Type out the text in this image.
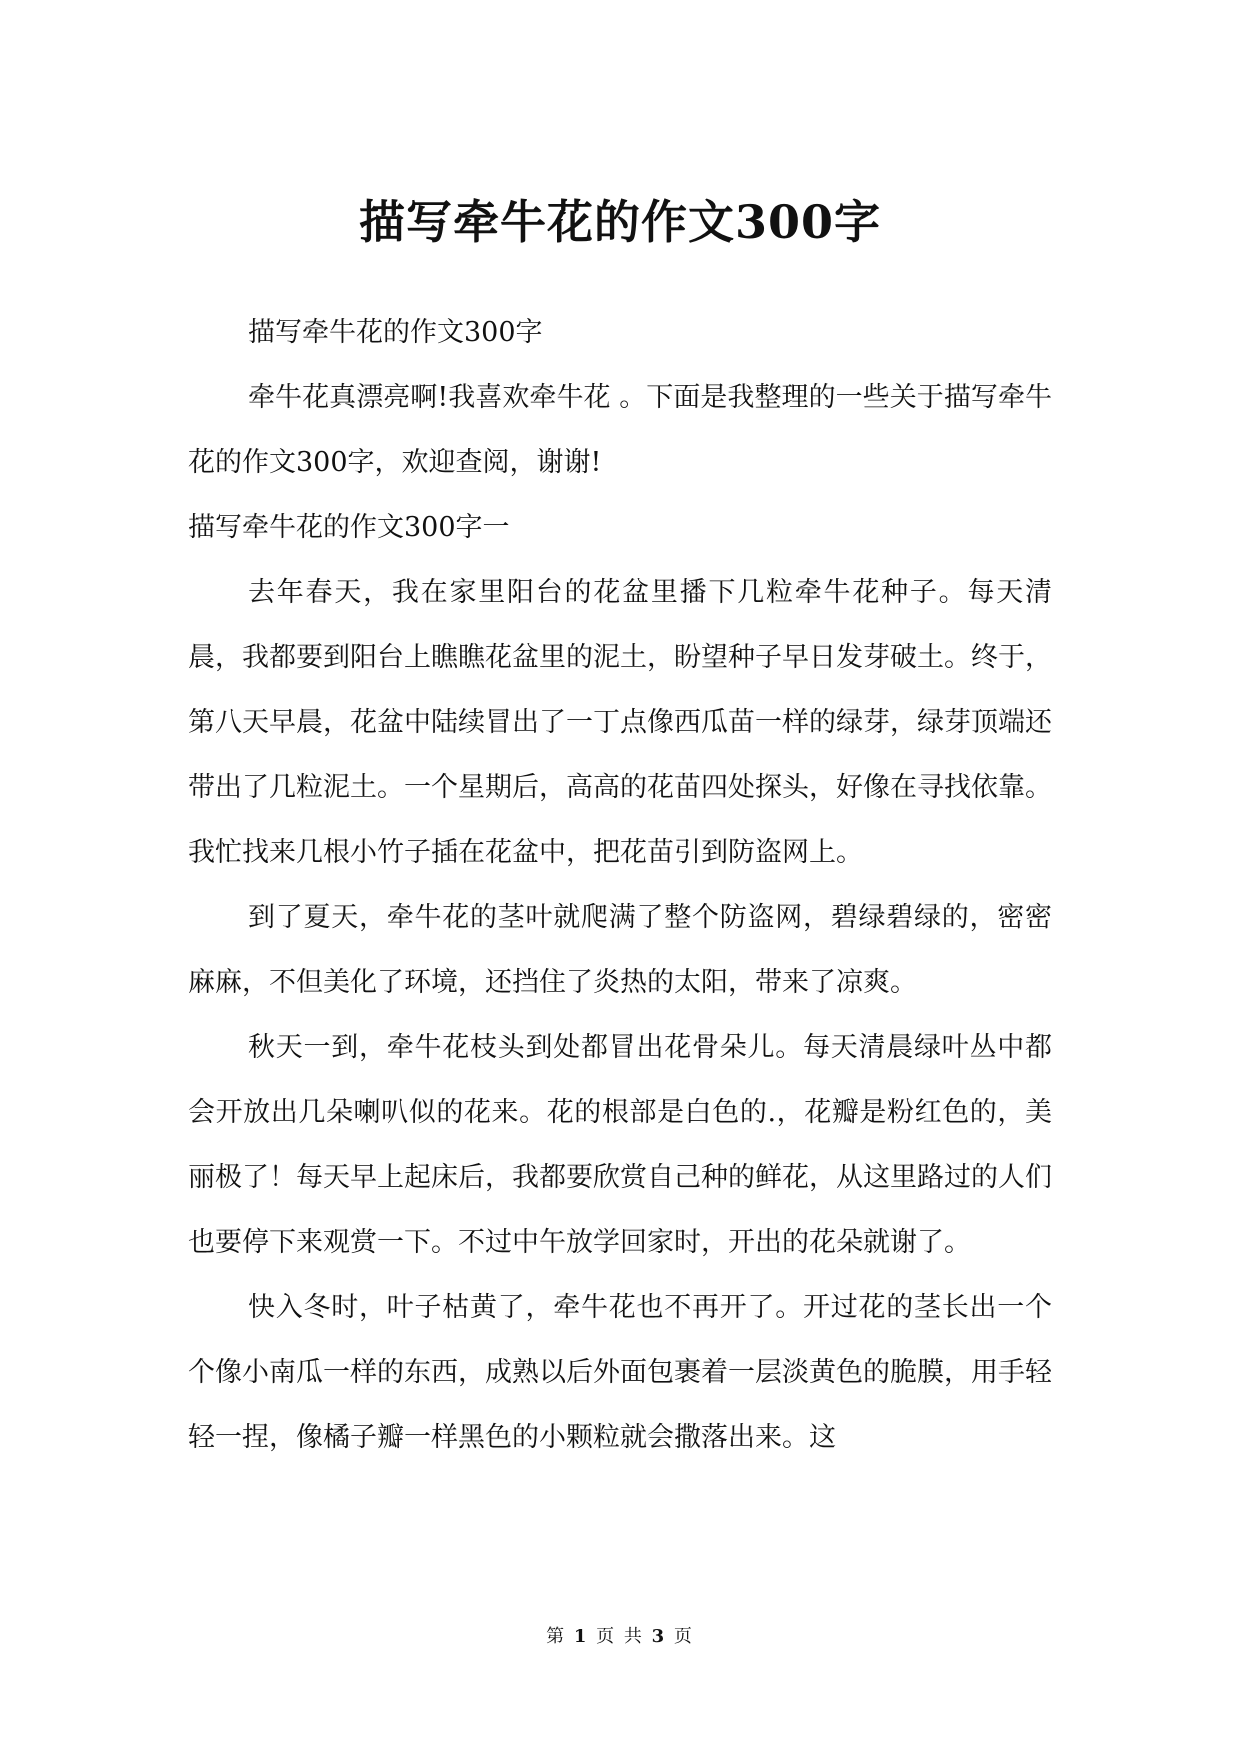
描写牵牛花的作文300字

描写牵牛花的作文300字

牵牛花真漂亮啊!我喜欢牵牛花 。下面是我整理的一些关于描写牵牛花的作文300字，欢迎查阅，谢谢!

描写牵牛花的作文300字一

去年春天，我在家里阳台的花盆里播下几粒牵牛花种子。每天清晨，我都要到阳台上瞧瞧花盆里的泥土，盼望种子早日发芽破土。终于，第八天早晨，花盆中陆续冒出了一丁点像西瓜苗一样的绿芽，绿芽顶端还带出了几粒泥土。一个星期后，高高的花苗四处探头，好像在寻找依靠。我忙找来几根小竹子插在花盆中，把花苗引到防盗网上。

到了夏天，牵牛花的茎叶就爬满了整个防盗网，碧绿碧绿的，密密麻麻，不但美化了环境，还挡住了炎热的太阳，带来了凉爽。

秋天一到，牵牛花枝头到处都冒出花骨朵儿。每天清晨绿叶丛中都会开放出几朵喇叭似的花来。花的根部是白色的.，花瓣是粉红色的，美丽极了！每天早上起床后，我都要欣赏自己种的鲜花，从这里路过的人们也要停下来观赏一下。不过中午放学回家时，开出的花朵就谢了。

快入冬时，叶子枯黄了，牵牛花也不再开了。开过花的茎长出一个个像小南瓜一样的东西，成熟以后外面包裹着一层淡黄色的脆膜，用手轻轻一捏，像橘子瓣一样黑色的小颗粒就会撒落出来。这

第 1 页 共 3 页
